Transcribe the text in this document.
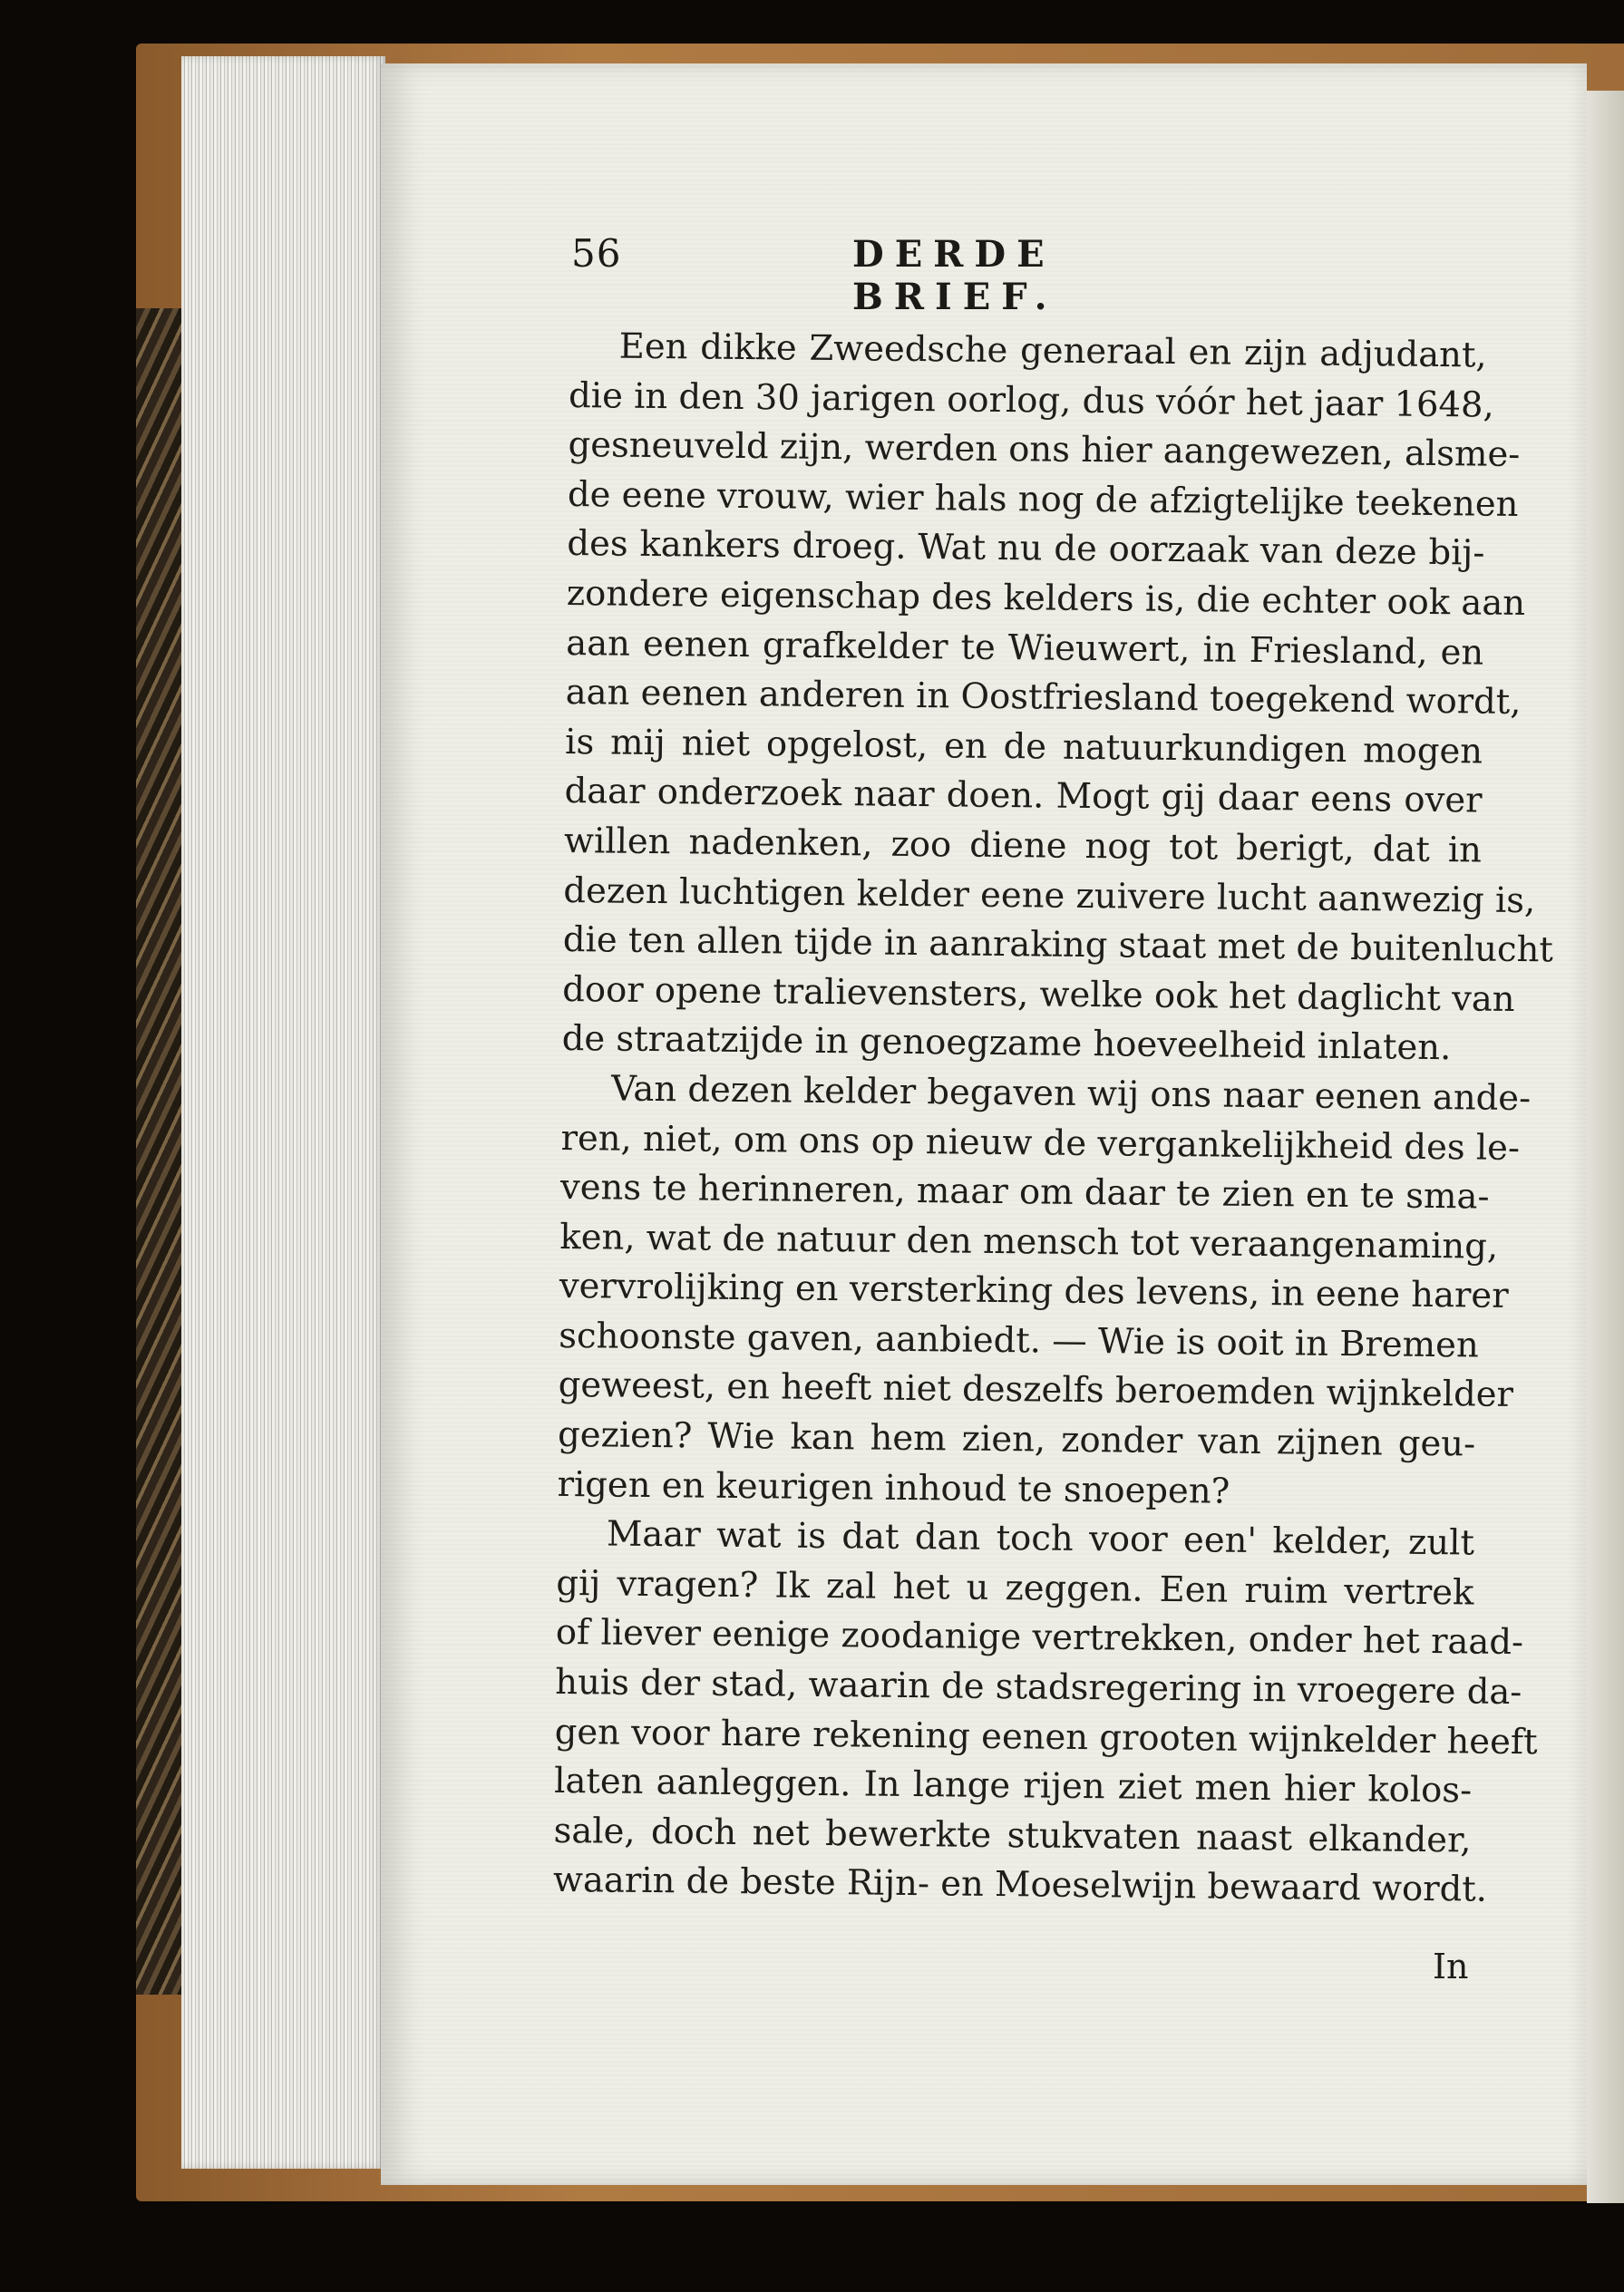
56	DERDE BRIEF.
Een dikke Zweedsche generaal en zijn adjudant,
die in den 30 jarigen oorlog, dus vóór het jaar 1648,
gesneuveld zijn, werden ons hier aangewezen, alsme-
de eene vrouw, wier hals nog de afzigtelijke teekenen
des kankers droeg. Wat nu de oorzaak van deze bij-
zondere eigenschap des kelders is, die echter ook aan
aan eenen grafkelder te Wieuwert, in Friesland, en
aan eenen anderen in Oostfriesland toegekend wordt,
is mij niet opgelost, en de natuurkundigen mogen
daar onderzoek naar doen. Mogt gij daar eens over
willen nadenken, zoo diene nog tot berigt, dat in
dezen luchtigen kelder eene zuivere lucht aanwezig is,
die ten allen tijde in aanraking staat met de buitenlucht
door opene tralievensters, welke ook het daglicht van
de straatzijde in genoegzame hoeveelheid inlaten.
Van dezen kelder begaven wij ons naar eenen ande-
ren, niet, om ons op nieuw de vergankelijkheid des le-
vens te herinneren, maar om daar te zien en te sma-
ken, wat de natuur den mensch tot veraangenaming,
vervrolijking en versterking des levens, in eene harer
schoonste gaven, aanbiedt. — Wie is ooit in Bremen
geweest, en heeft niet deszelfs beroemden wijnkelder
gezien? Wie kan hem zien, zonder van zijnen geu-
rigen en keurigen inhoud te snoepen?
Maar wat is dat dan toch voor een' kelder, zult
gij vragen? Ik zal het u zeggen. Een ruim vertrek
of liever eenige zoodanige vertrekken, onder het raad-
huis der stad, waarin de stadsregering in vroegere da-
gen voor hare rekening eenen grooten wijnkelder heeft
laten aanleggen. In lange rijen ziet men hier kolos-
sale, doch net bewerkte stukvaten naast elkander,
waarin de beste Rijn- en Moeselwijn bewaard wordt.
In
